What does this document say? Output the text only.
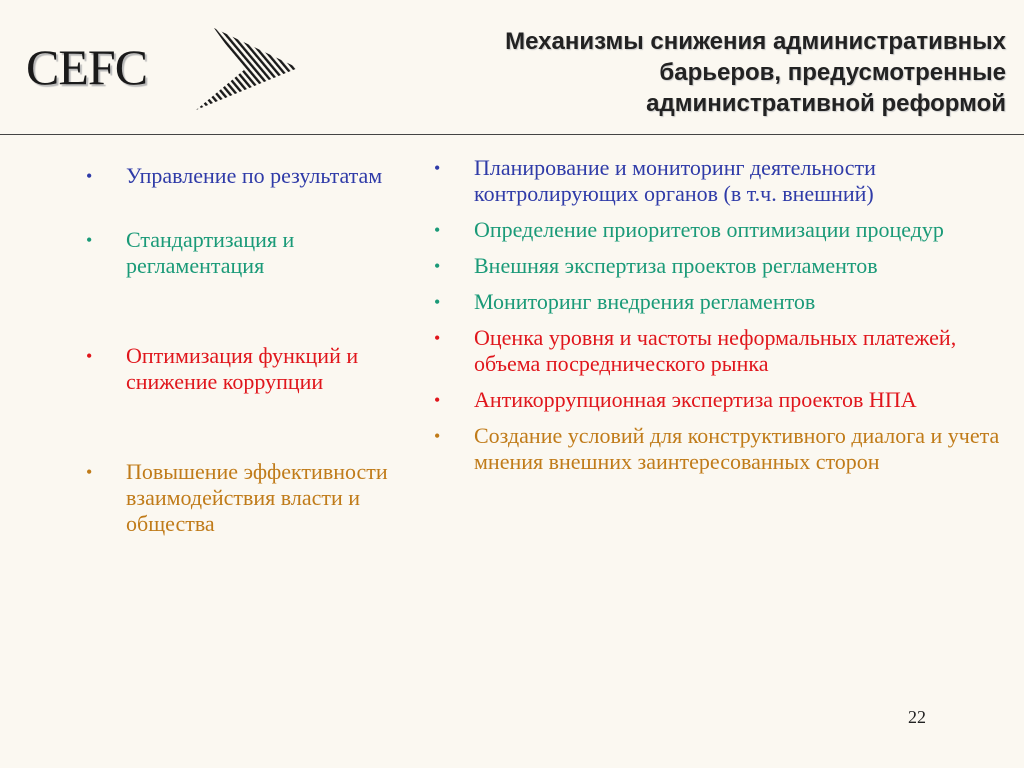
CEFC	Механизмы снижения административных
барьеров, предусмотренные
административной реформой
• Управление по результатам
• Стандартизация и регламентация
• Оптимизация функций и снижение коррупции
• Повышение эффективности взаимодействия власти и общества
• Планирование и мониторинг деятельности контролирующих органов (в т.ч. внешний)
• Определение приоритетов оптимизации процедур
• Внешняя экспертиза проектов регламентов
• Мониторинг внедрения регламентов
• Оценка уровня и частоты неформальных платежей, объема посреднического рынка
• Антикоррупционная экспертиза проектов НПА
• Создание условий для конструктивного диалога и учета мнения внешних заинтересованных сторон
22
